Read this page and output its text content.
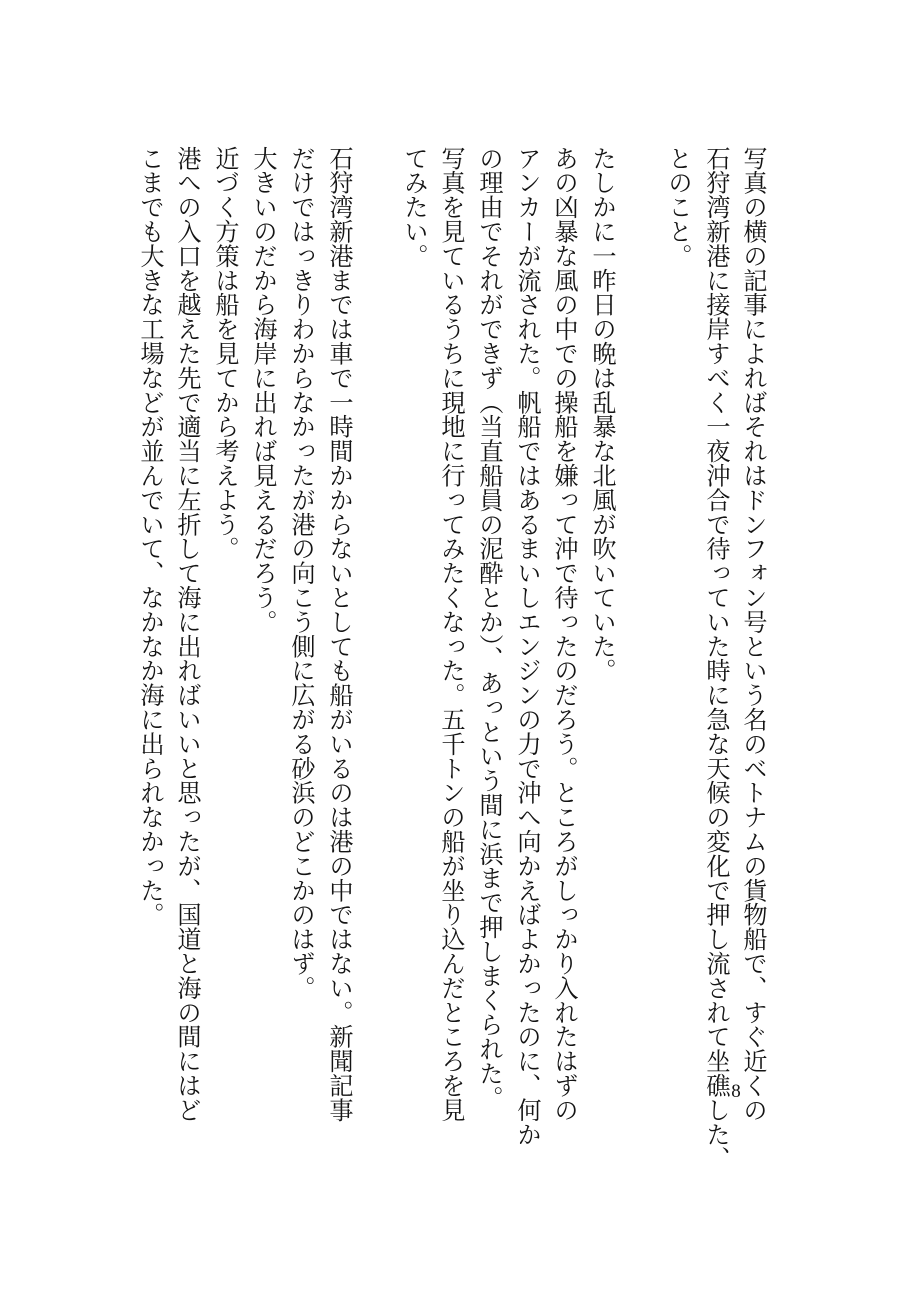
写真の横の記事によればそれはドンフォン号という名のベトナムの貨物船で、すぐ近くの
石狩湾新港に接岸すべく一夜沖合で待っていた時に急な天候の変化で押し流されて坐礁した、
とのこと。
たしかに一昨日の晩は乱暴な北風が吹いていた。
あの凶暴な風の中での操船を嫌って沖で待ったのだろう。ところがしっかり入れたはずの
アンカーが流された。帆船ではあるまいしエンジンの力で沖へ向かえばよかったのに、何か
の理由でそれができず（当直船員の泥酔とか）、あっという間に浜まで押しまくられた。
写真を見ているうちに現地に行ってみたくなった。五千トンの船が坐り込んだところを見
てみたい。
石狩湾新港までは車で一時間かからないとしても船がいるのは港の中ではない。新聞記事
だけではっきりわからなかったが港の向こう側に広がる砂浜のどこかのはず。
大きいのだから海岸に出れば見えるだろう。
近づく方策は船を見てから考えよう。
港への入口を越えた先で適当に左折して海に出ればいいと思ったが、国道と海の間にはど
こまでも大きな工場などが並んでいて、なかなか海に出られなかった。
8
